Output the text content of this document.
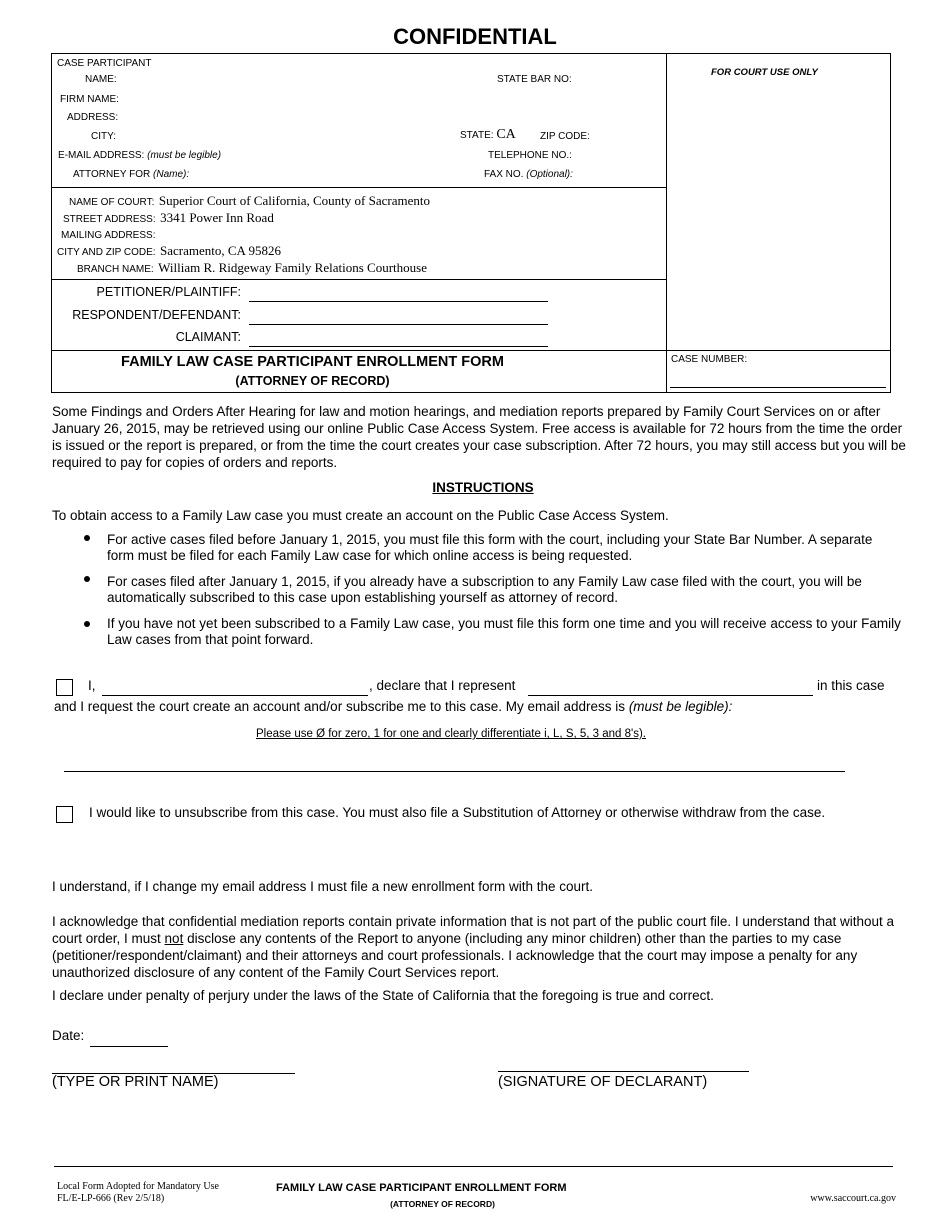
CONFIDENTIAL
CASE PARTICIPANT
NAME:	STATE BAR NO:
FIRM NAME:
ADDRESS:
CITY:	STATE: CA ZIP CODE:
E-MAIL ADDRESS: (must be legible)	TELEPHONE NO.:
ATTORNEY FOR (Name):	FAX NO. (Optional):
FOR COURT USE ONLY
NAME OF COURT: Superior Court of California, County of Sacramento
STREET ADDRESS: 3341 Power Inn Road
MAILING ADDRESS:
CITY AND ZIP CODE: Sacramento, CA 95826
BRANCH NAME: William R. Ridgeway Family Relations Courthouse
PETITIONER/PLAINTIFF:
RESPONDENT/DEFENDANT:
CLAIMANT:
FAMILY LAW CASE PARTICIPANT ENROLLMENT FORM
(ATTORNEY OF RECORD)
CASE NUMBER:
Some Findings and Orders After Hearing for law and motion hearings, and mediation reports prepared by Family Court Services on or after January 26, 2015, may be retrieved using our online Public Case Access System. Free access is available for 72 hours from the time the order is issued or the report is prepared, or from the time the court creates your case subscription. After 72 hours, you may still access but you will be required to pay for copies of orders and reports.
INSTRUCTIONS
To obtain access to a Family Law case you must create an account on the Public Case Access System.
For active cases filed before January 1, 2015, you must file this form with the court, including your State Bar Number. A separate form must be filed for each Family Law case for which online access is being requested.
For cases filed after January 1, 2015, if you already have a subscription to any Family Law case filed with the court, you will be automatically subscribed to this case upon establishing yourself as attorney of record.
If you have not yet been subscribed to a Family Law case, you must file this form one time and you will receive access to your Family Law cases from that point forward.
I,	, declare that I represent	in this case
and I request the court create an account and/or subscribe me to this case. My email address is (must be legible):
Please use Ø for zero, 1 for one and clearly differentiate i, L, S, 5, 3 and 8's).
I would like to unsubscribe from this case. You must also file a Substitution of Attorney or otherwise withdraw from the case.
I understand, if I change my email address I must file a new enrollment form with the court.
I acknowledge that confidential mediation reports contain private information that is not part of the public court file. I understand that without a court order, I must not disclose any contents of the Report to anyone (including any minor children) other than the parties to my case (petitioner/respondent/claimant) and their attorneys and court professionals. I acknowledge that the court may impose a penalty for any unauthorized disclosure of any content of the Family Court Services report.
I declare under penalty of perjury under the laws of the State of California that the foregoing is true and correct.
Date:
(TYPE OR PRINT NAME)	(SIGNATURE OF DECLARANT)
Local Form Adopted for Mandatory Use
FL/E-LP-666 (Rev 2/5/18)
FAMILY LAW CASE PARTICIPANT ENROLLMENT FORM
(ATTORNEY OF RECORD)	www.saccourt.ca.gov
